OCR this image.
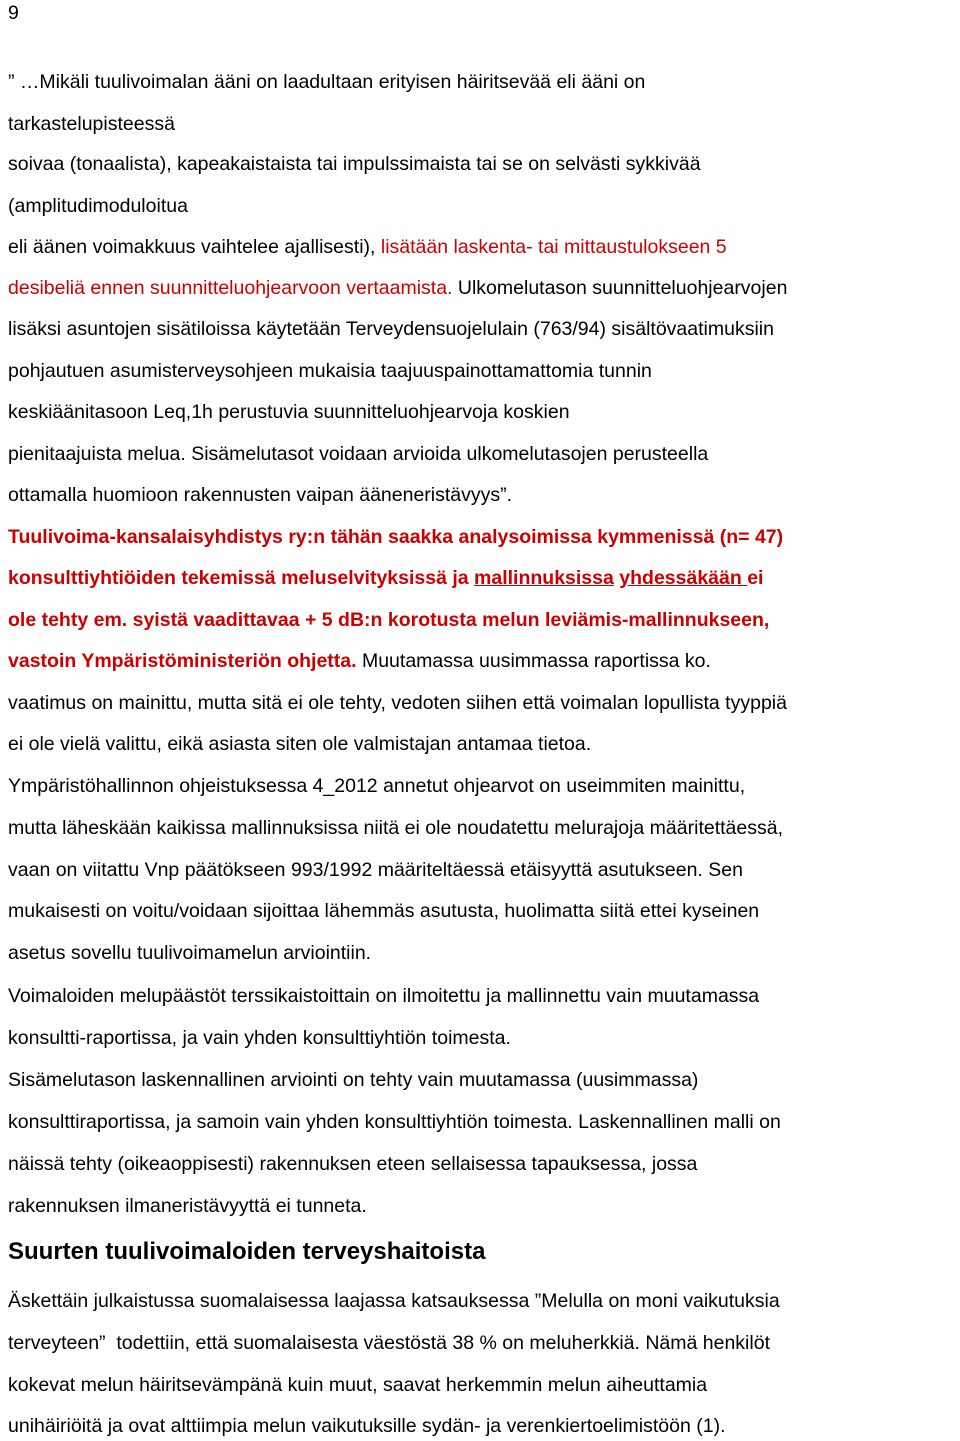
9
” …Mikäli tuulivoimalan ääni on laadultaan erityisen häiritsevää eli ääni on
tarkastelupisteessä
soivaa (tonaalista), kapeakaistaista tai impulssimaista tai se on selvästi sykkivää
(amplitudimoduloitua
eli äänen voimakkuus vaihtelee ajallisesti), lisätään laskenta- tai mittaustulokseen 5
desibeliä ennen suunnitteluohjearvoon vertaamista. Ulkomelutason suunnitteluohjearvojen
lisäksi asuntojen sisätiloissa käytetään Terveydensuojelulain (763/94) sisältövaatimuksiin
pohjautuen asumisterveysohjeen mukaisia taajuuspainottamattomia tunnin
keskiäänitasoon Leq,1h perustuvia suunnitteluohjearvoja koskien
pienitaajuista melua. Sisämelutasot voidaan arvioida ulkomelutasojen perusteella
ottamalla huomioon rakennusten vaipan ääneneristävyys”.
Tuulivoima-kansalaisyhdistys ry:n tähän saakka analysoimissa kymmenissä (n= 47)
konsulttiyhtiöiden tekemissä meluselvityksissä ja mallinnuksissa yhdessäkään ei
ole tehty em. syistä vaadittavaa + 5 dB:n korotusta melun leviämis-mallinnukseen,
vastoin Ympäristöministeriön ohjetta. Muutamassa uusimmassa raportissa ko.
vaatimus on mainittu, mutta sitä ei ole tehty, vedoten siihen että voimalan lopullista tyyppiä
ei ole vielä valittu, eikä asiasta siten ole valmistajan antamaa tietoa.
Ympäristöhallinnon ohjeistuksessa 4_2012 annetut ohjearvot on useimmiten mainittu,
mutta läheskään kaikissa mallinnuksissa niitä ei ole noudatettu melurajoja määritettäessä,
vaan on viitattu Vnp päätökseen 993/1992 määriteltäessä etäisyyttä asutukseen. Sen
mukaisesti on voitu/voidaan sijoittaa lähemmäs asutusta, huolimatta siitä ettei kyseinen
asetus sovellu tuulivoimamelun arviointiin.
Voimaloiden melupäästöt terssikaistoittain on ilmoitettu ja mallinnettu vain muutamassa
konsultti-raportissa, ja vain yhden konsulttiyhtiön toimesta.
Sisämelutason laskennallinen arviointi on tehty vain muutamassa (uusimmassa)
konsulttiraportissa, ja samoin vain yhden konsulttiyhtiön toimesta. Laskennallinen malli on
näissä tehty (oikeaoppisesti) rakennuksen eteen sellaisessa tapauksessa, jossa
rakennuksen ilmaneristävyyttä ei tunneta.
Suurten tuulivoimaloiden terveyshaitoista
Äskettäin julkaistussa suomalaisessa laajassa katsauksessa ”Melulla on moni vaikutuksia
terveyteen”  todettiin, että suomalaisesta väestöstä 38 % on meluherkkiä. Nämä henkilöt
kokevat melun häiritsevämpänä kuin muut, saavat herkemmin melun aiheuttamia
unihäiriöitä ja ovat alttiimpia melun vaikutuksille sydän- ja verenkiertoelimistöön (1).
